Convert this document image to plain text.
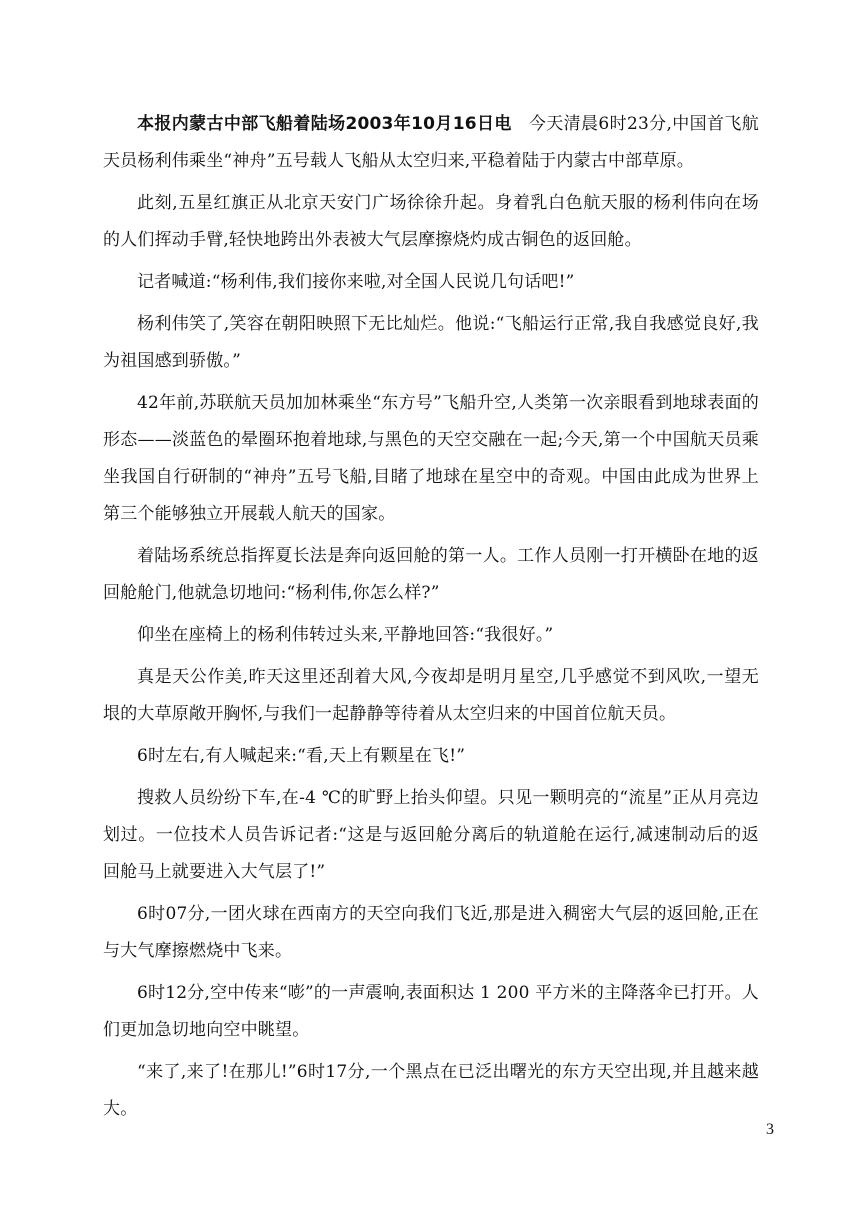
本报内蒙古中部飞船着陆场2003年10月16日电 今天清晨6时23分,中国首飞航天员杨利伟乘坐“神舟”五号载人飞船从太空归来,平稳着陆于内蒙古中部草原。

此刻,五星红旗正从北京天安门广场徐徐升起。身着乳白色航天服的杨利伟向在场的人们挥动手臂,轻快地跨出外表被大气层摩擦烧灼成古铜色的返回舱。

记者喊道:“杨利伟,我们接你来啦,对全国人民说几句话吧!”

杨利伟笑了,笑容在朝阳映照下无比灿烂。他说:“飞船运行正常,我自我感觉良好,我为祖国感到骄傲。”

42年前,苏联航天员加加林乘坐“东方号”飞船升空,人类第一次亲眼看到地球表面的形态——淡蓝色的晕圈环抱着地球,与黑色的天空交融在一起;今天,第一个中国航天员乘坐我国自行研制的“神舟”五号飞船,目睹了地球在星空中的奇观。中国由此成为世界上第三个能够独立开展载人航天的国家。

着陆场系统总指挥夏长法是奔向返回舱的第一人。工作人员刚一打开横卧在地的返回舱舱门,他就急切地问:“杨利伟,你怎么样?”

仰坐在座椅上的杨利伟转过头来,平静地回答:“我很好。”

真是天公作美,昨天这里还刮着大风,今夜却是明月星空,几乎感觉不到风吹,一望无垠的大草原敞开胸怀,与我们一起静静等待着从太空归来的中国首位航天员。

6时左右,有人喊起来:“看,天上有颗星在飞!”

搜救人员纷纷下车,在-4 ℃的旷野上抬头仰望。只见一颗明亮的“流星”正从月亮边划过。一位技术人员告诉记者:“这是与返回舱分离后的轨道舱在运行,减速制动后的返回舱马上就要进入大气层了!”

6时07分,一团火球在西南方的天空向我们飞近,那是进入稠密大气层的返回舱,正在与大气摩擦燃烧中飞来。

6时12分,空中传来“嘭”的一声震响,表面积达 1 200 平方米的主降落伞已打开。人们更加急切地向空中眺望。

“来了,来了!在那儿!”6时17分,一个黑点在已泛出曙光的东方天空出现,并且越来越大。

3
